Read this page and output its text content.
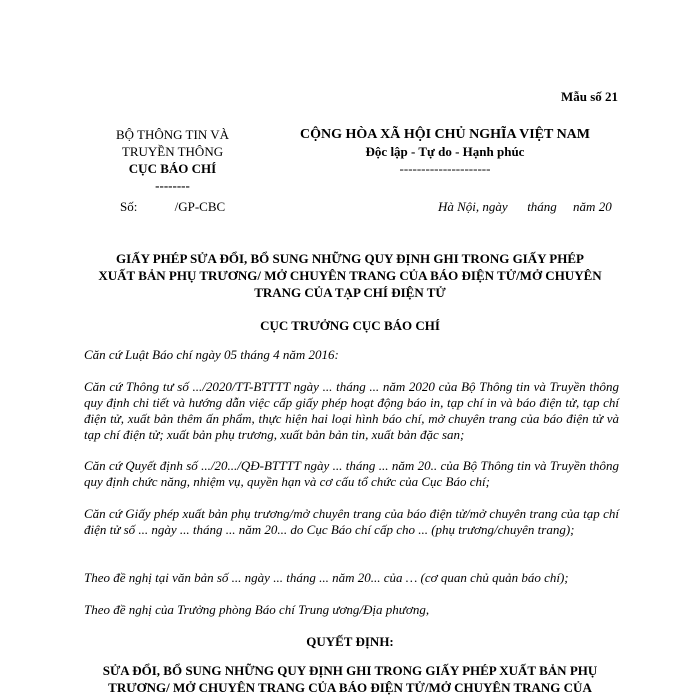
Mẫu số 21
BỘ THÔNG TIN VÀ
TRUYỀN THÔNG
CỤC BÁO CHÍ
--------
CỘNG HÒA XÃ HỘI CHỦ NGHĨA VIỆT NAM
Độc lập - Tự do - Hạnh phúc
---------------------
Số:	/GP-CBC	Hà Nội, ngày      tháng     năm 20
GIẤY PHÉP SỬA ĐỔI, BỔ SUNG NHỮNG QUY ĐỊNH GHI TRONG GIẤY PHÉP
XUẤT BẢN PHỤ TRƯƠNG/ MỞ CHUYÊN TRANG CỦA BÁO ĐIỆN TỬ/MỞ CHUYÊN
TRANG CỦA TẠP CHÍ ĐIỆN TỬ
CỤC TRƯỞNG CỤC BÁO CHÍ

Căn cứ Luật Báo chí ngày 05 tháng 4 năm 2016:

Căn cứ Thông tư số .../2020/TT-BTTTT ngày ... tháng ... năm 2020 của Bộ Thông tin và Truyền thông quy định chi tiết và hướng dẫn việc cấp giấy phép hoạt động báo in, tạp chí in và báo điện tử, tạp chí điện tử, xuất bản thêm ấn phẩm, thực hiện hai loại hình báo chí, mở chuyên trang của báo điện tử và tạp chí điện tử; xuất bản phụ trương, xuất bản bản tin, xuất bản đặc san;

Căn cứ Quyết định số .../20.../QĐ-BTTTT ngày ... tháng ... năm 20.. của Bộ Thông tin và Truyền thông quy định chức năng, nhiệm vụ, quyền hạn và cơ cấu tổ chức của Cục Báo chí;

Căn cứ Giấy phép xuất bản phụ trương/mở chuyên trang của báo điện tử/mở chuyên trang của tạp chí điện tử số ... ngày ... tháng ... năm 20... do Cục Báo chí cấp cho ... (phụ trương/chuyên trang);

Theo đề nghị tại văn bản số ... ngày ... tháng ... năm 20... của … (cơ quan chủ quản báo chí);

Theo đề nghị của Trưởng phòng Báo chí Trung ương/Địa phương,

QUYẾT ĐỊNH:
SỬA ĐỔI, BỔ SUNG NHỮNG QUY ĐỊNH GHI TRONG GIẤY PHÉP XUẤT BẢN PHỤ
TRƯƠNG/ MỞ CHUYÊN TRANG CỦA BÁO ĐIỆN TỬ/MỞ CHUYÊN TRANG CỦA
